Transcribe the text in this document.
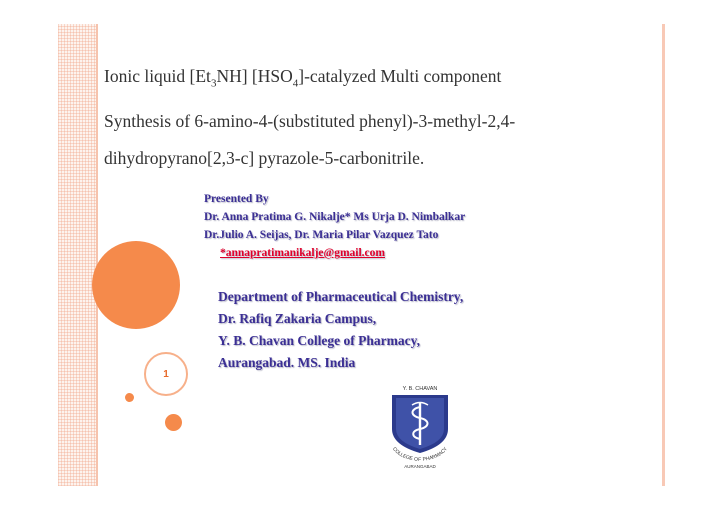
1
Ionic liquid $[Et_3NH]$ $[HSO_4]$-catalyzed Multi component
Synthesis of 6-amino-4-(substituted phenyl)-3-methyl-2,4-
dihydropyrano[2,3-c] pyrazole-5-carbonitrile.
Presented By
Dr. Anna Pratima G. Nikalje* Ms Urja D. Nimbalkar
Dr.Julio A. Seijas, Dr. Maria Pilar Vazquez Tato
*annapratimanikalje@gmail.com
Department of Pharmaceutical Chemistry,
Dr. Rafiq Zakaria Campus,
Y. B. Chavan College of Pharmacy,
Aurangabad. MS. India
Y. B. CHAVAN
COLLEGE OF PHARMACY
AURANGABAD
